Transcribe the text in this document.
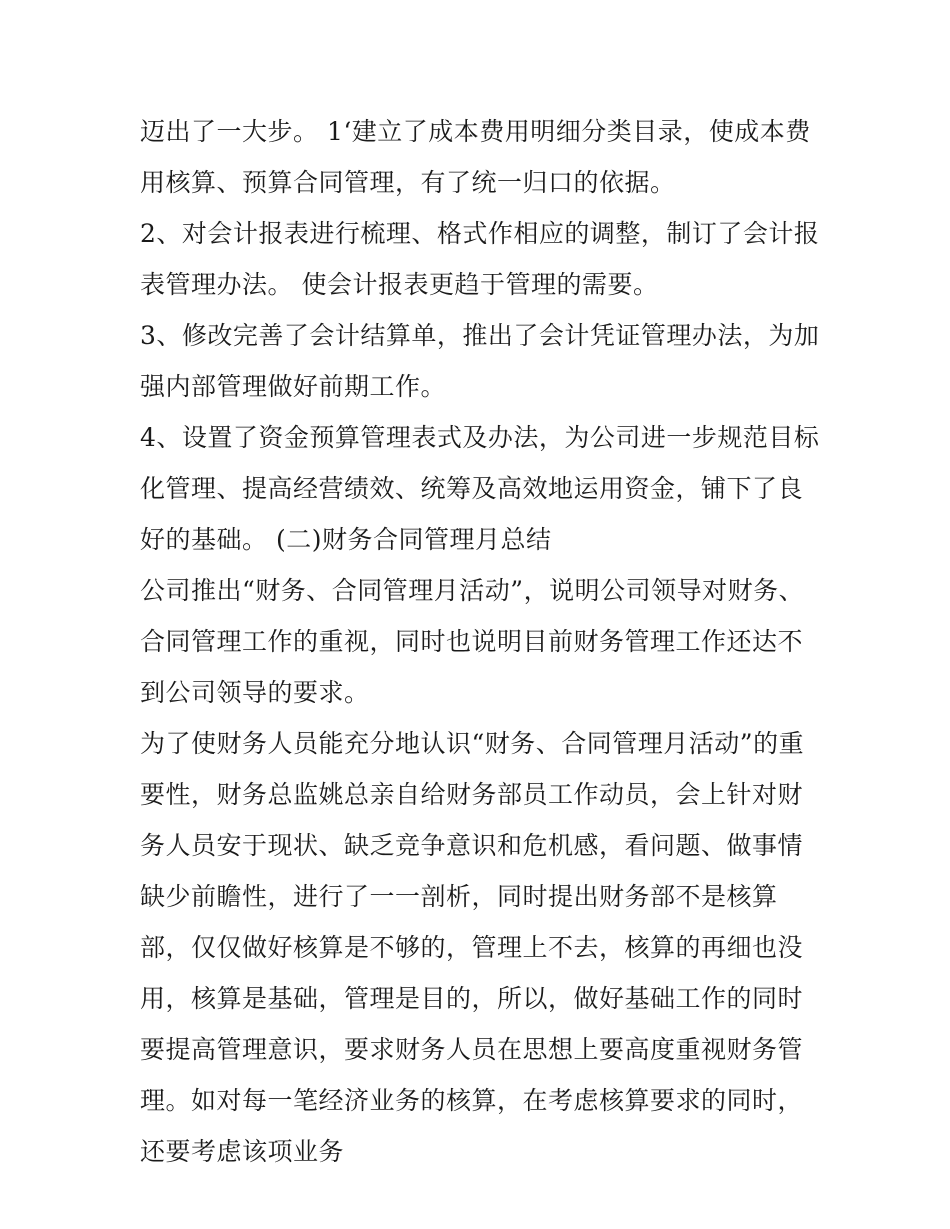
迈出了一大步。 1‘建立了成本费用明细分类目录，使成本费用核算、预算合同管理，有了统一归口的依据。

2、对会计报表进行梳理、格式作相应的调整，制订了会计报表管理办法。 使会计报表更趋于管理的需要。

3、修改完善了会计结算单，推出了会计凭证管理办法，为加强内部管理做好前期工作。

4、设置了资金预算管理表式及办法，为公司进一步规范目标化管理、提高经营绩效、统筹及高效地运用资金，铺下了良好的基础。 (二)财务合同管理月总结

公司推出“财务、合同管理月活动”，说明公司领导对财务、合同管理工作的重视，同时也说明目前财务管理工作还达不到公司领导的要求。

为了使财务人员能充分地认识“财务、合同管理月活动”的重要性，财务总监姚总亲自给财务部员工作动员，会上针对财务人员安于现状、缺乏竞争意识和危机感，看问题、做事情缺少前瞻性，进行了一一剖析，同时提出财务部不是核算部，仅仅做好核算是不够的，管理上不去，核算的再细也没用，核算是基础，管理是目的，所以，做好基础工作的同时要提高管理意识，要求财务人员在思想上要高度重视财务管理。如对每一笔经济业务的核算，在考虑核算要求的同时，还要考虑该项业务
